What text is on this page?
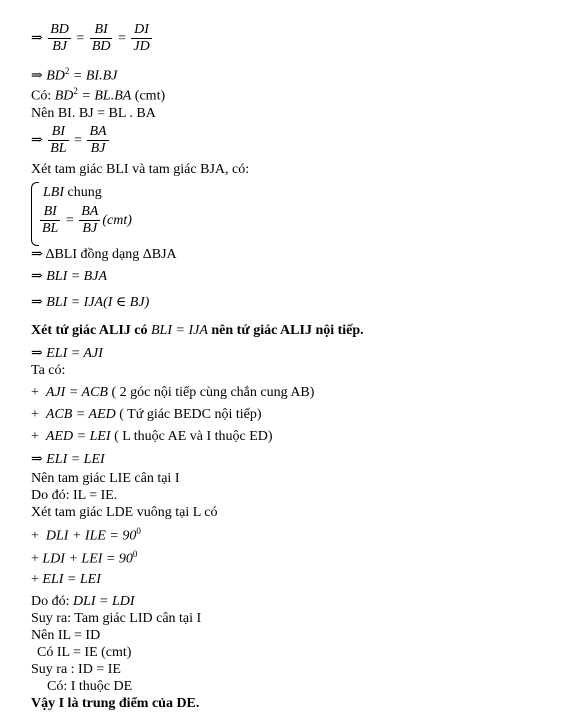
⇒ $\frac{BD}{BJ} = \frac{BI}{BD} = \frac{DI}{JD}$
⇒ $BD^2 = BI.BJ$
Có: $BD^2 = BL.BA$ (cmt)
Nên BI. BJ = BL . BA
⇒ $\frac{BI}{BL} = \frac{BA}{BJ}$
Xét tam giác BLI và tam giác BJA, có:
LBI chung
$\frac{BI}{BL} = \frac{BA}{BJ} (cmt)$
⇒ ΔBLI đồng dạng ΔBJA
⇒ BLI = BJA
⇒ BLI = IJA(I ∈ BJ)
Xét tứ giác ALIJ có BLI = IJA nên tứ giác ALIJ nội tiếp.
⇒ ELI = AJI
Ta có:
+ AJI = ACB ( 2 góc nội tiếp cùng chắn cung AB)
+ ACB = AED ( Tứ giác BEDC nội tiếp)
+ AED = LEI ( L thuộc AE và I thuộc ED)
⇒ ELI = LEI
Nên tam giác LIE cân tại I
Do đó: IL = IE.
Xét tam giác LDE vuông tại L có
+ DLI + ILE = $90^0$
+ LDI + LEI = $90^0$
+ ELI = LEI
Do đó: DLI = LDI
Suy ra: Tam giác LID cân tại I
Nên IL = ID
Có IL = IE (cmt)
Suy ra : ID = IE
Có: I thuộc DE
Vậy I là trung điểm của DE.
